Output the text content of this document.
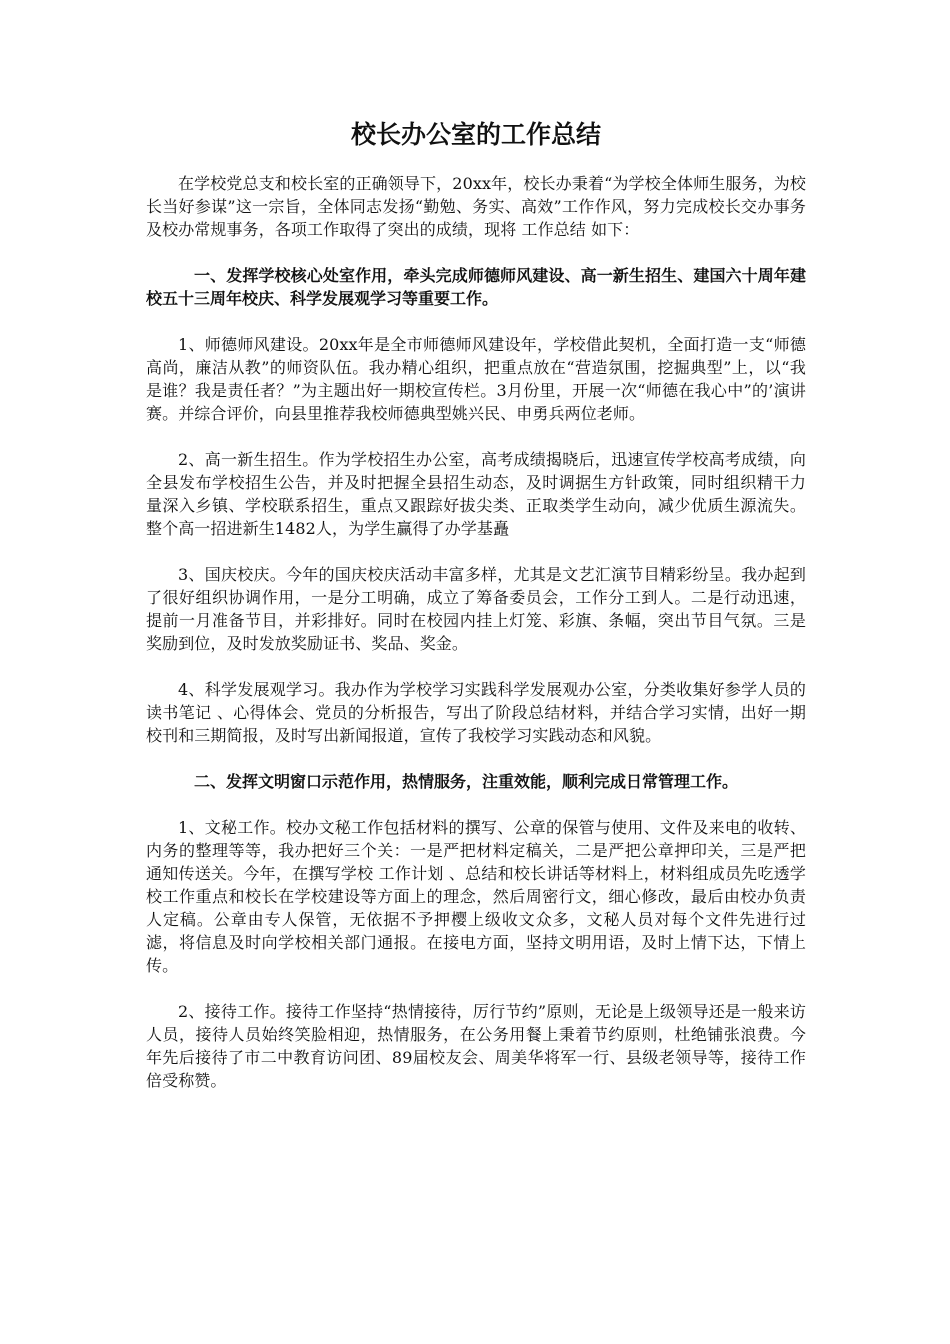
校长办公室的工作总结

在学校党总支和校长室的正确领导下，20xx年，校长办秉着“为学校全体师生服务，为校长当好参谋”这一宗旨，全体同志发扬“勤勉、务实、高效”工作作风，努力完成校长交办事务及校办常规事务，各项工作取得了突出的成绩，现将 工作总结 如下：

一、发挥学校核心处室作用，牵头完成师德师风建设、高一新生招生、建国六十周年建校五十三周年校庆、科学发展观学习等重要工作。

1、师德师风建设。20xx年是全市师德师风建设年，学校借此契机，全面打造一支“师德高尚，廉洁从教”的师资队伍。我办精心组织，把重点放在“营造氛围，挖掘典型”上，以“我是谁？我是责任者？”为主题出好一期校宣传栏。3月份里，开展一次“师德在我心中”的’演讲赛。并综合评价，向县里推荐我校师德典型姚兴民、申勇兵两位老师。

2、高一新生招生。作为学校招生办公室，高考成绩揭晓后，迅速宣传学校高考成绩，向全县发布学校招生公告，并及时把握全县招生动态，及时调据生方针政策，同时组织精干力量深入乡镇、学校联系招生，重点又跟踪好拔尖类、正取类学生动向，减少优质生源流失。整个高一招进新生1482人，为学生赢得了办学基矗

3、国庆校庆。今年的国庆校庆活动丰富多样，尤其是文艺汇演节目精彩纷呈。我办起到了很好组织协调作用，一是分工明确，成立了筹备委员会，工作分工到人。二是行动迅速，提前一月准备节目，并彩排好。同时在校园内挂上灯笼、彩旗、条幅，突出节目气氛。三是奖励到位，及时发放奖励证书、奖品、奖金。

4、科学发展观学习。我办作为学校学习实践科学发展观办公室，分类收集好参学人员的 读书笔记 、心得体会、党员的分析报告，写出了阶段总结材料，并结合学习实情，出好一期校刊和三期简报，及时写出新闻报道，宣传了我校学习实践动态和风貌。

二、发挥文明窗口示范作用，热情服务，注重效能，顺利完成日常管理工作。

1、文秘工作。校办文秘工作包括材料的撰写、公章的保管与使用、文件及来电的收转、内务的整理等等，我办把好三个关：一是严把材料定稿关，二是严把公章押印关，三是严把通知传送关。今年，在撰写学校 工作计划 、总结和校长讲话等材料上，材料组成员先吃透学校工作重点和校长在学校建设等方面上的理念，然后周密行文，细心修改，最后由校办负责人定稿。公章由专人保管，无依据不予押樱上级收文众多，文秘人员对每个文件先进行过滤，将信息及时向学校相关部门通报。在接电方面，坚持文明用语，及时上情下达，下情上传。

2、接待工作。接待工作坚持“热情接待，厉行节约”原则，无论是上级领导还是一般来访人员，接待人员始终笑脸相迎，热情服务，在公务用餐上秉着节约原则，杜绝铺张浪费。今年先后接待了市二中教育访问团、89届校友会、周美华将军一行、县级老领导等，接待工作倍受称赞。
